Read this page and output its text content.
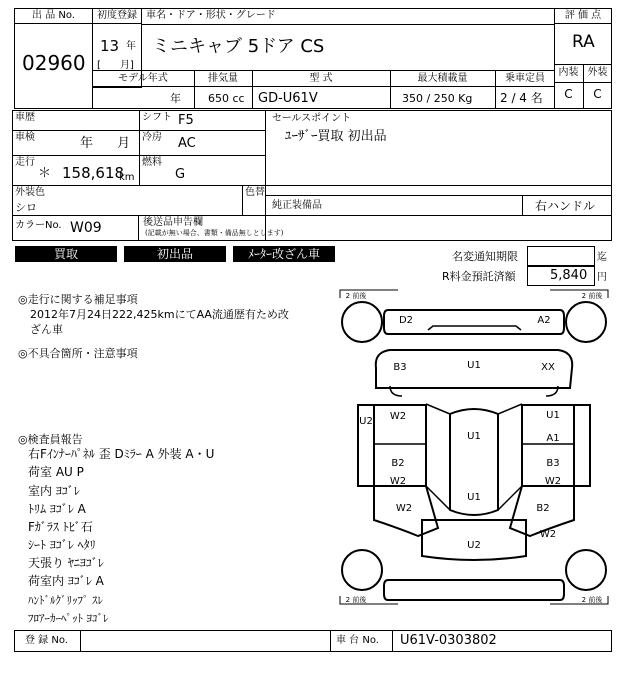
出 品 No.
02960
初度登録
13 年
[ 月]
車名・ドア・形状・グレード
ミニキャブ 5ドア CS
評 価 点
RA
内装 外装
C	C
モデル年式	排気量	型 式	最大積載量	乗車定員
年 650 cc GD-U61V	350 / 250 Kg 2 / 4 名
車歴
車検	年 月
走行
＊ 158,618
km
シフト F5
冷房 AC
燃料
G
セールスポイント
ﾕｰｻﾞｰ買取 初出品
外装色
シロ
色替
純正装備品	右ハンドル
カラーNo. W09	後送品申告欄
(記載が無い場合、書類・備品無しとします)
買取	初出品	ﾒｰﾀｰ改ざん車	名変通知期限	迄
R料金預託済額	5,840 円
◎走行に関する補足事項
2012年7月24日222,425kmにてAA流通歴有ため改
ざん車
◎不具合箇所・注意事項
◎検査員報告
右Fｲﾝﾅｰﾊﾟﾈﾙ 歪 Dﾐﾗｰ A 外装 A・U
荷室 AU P
室内 ﾖｺﾞﾚ
ﾄﾘﾑ ﾖｺﾞﾚ A
Fｶﾞﾗｽ ﾄﾋﾞ石
ｼｰﾄ ﾖｺﾞﾚ ﾍﾀﾘ
天張り ﾔﾆﾖｺﾞﾚ
荷室内 ﾖｺﾞﾚ A
ﾊﾝﾄﾞﾙｸﾞﾘｯﾌﾟ ｽﾚ
ﾌﾛｱｰｶｰﾍﾟｯﾄ ﾖｺﾞﾚ
2 前後	2 前後
2 前後	2 前後
D2	A2
B3	U1	XX
U2 W2
U1
U1
A1
B2
W2
U1
B3
W2
W2	B2
W2
U2
登 録 No.	車 台 No. U61V-0303802
